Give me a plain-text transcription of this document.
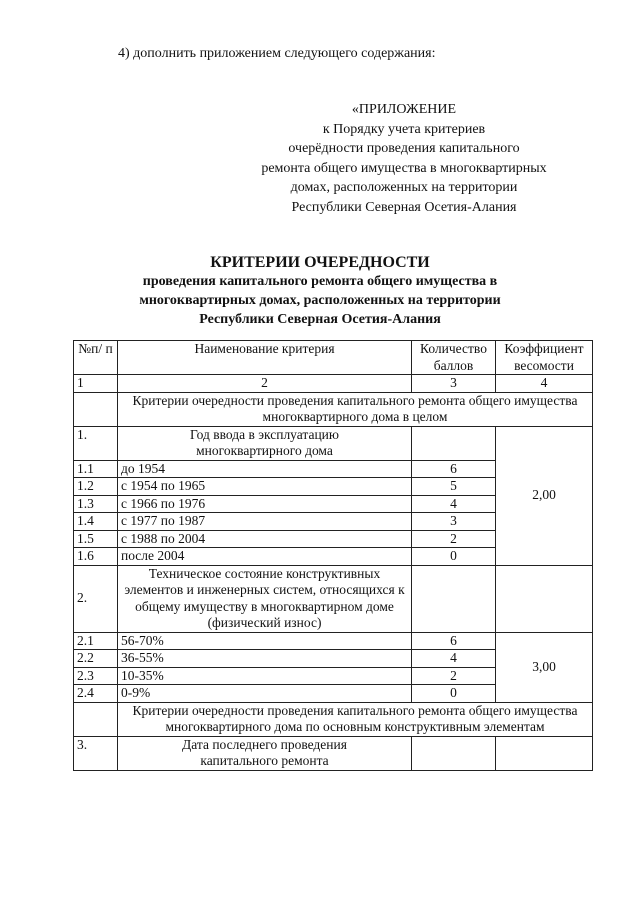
4) дополнить приложением следующего содержания:
«ПРИЛОЖЕНИЕ
к Порядку учета критериев
очерёдности проведения капитального
ремонта общего имущества в многоквартирных
домах, расположенных на территории
Республики Северная Осетия-Алания
КРИТЕРИИ ОЧЕРЕДНОСТИ
проведения капитального ремонта общего имущества в
многоквартирных домах, расположенных на территории
Республики Северная Осетия-Алания
№п/ п	Наименование критерия	Количество баллов	Коэффициент весомости
1	2	3	4
	Критерии очередности проведения капитального ремонта общего имущества многоквартирного дома в целом		
1.	Год ввода в эксплуатацию многоквартирного дома		2,00
1.1	до 1954	6	
1.2	с 1954 по 1965	5	
1.3	с 1966 по 1976	4	
1.4	с 1977 по 1987	3	
1.5	с 1988 по 2004	2	
1.6	после 2004	0	
2.	Техническое состояние конструктивных элементов и инженерных систем, относящихся к общему имуществу в многоквартирном доме (физический износ)		
2.1	56-70%	6	3,00
2.2	36-55%	4	
2.3	10-35%	2	
2.4	0-9%	0	
	Критерии очередности проведения капитального ремонта общего имущества многоквартирного дома по основным конструктивным элементам		
3.	Дата последнего проведения капитального ремонта		
